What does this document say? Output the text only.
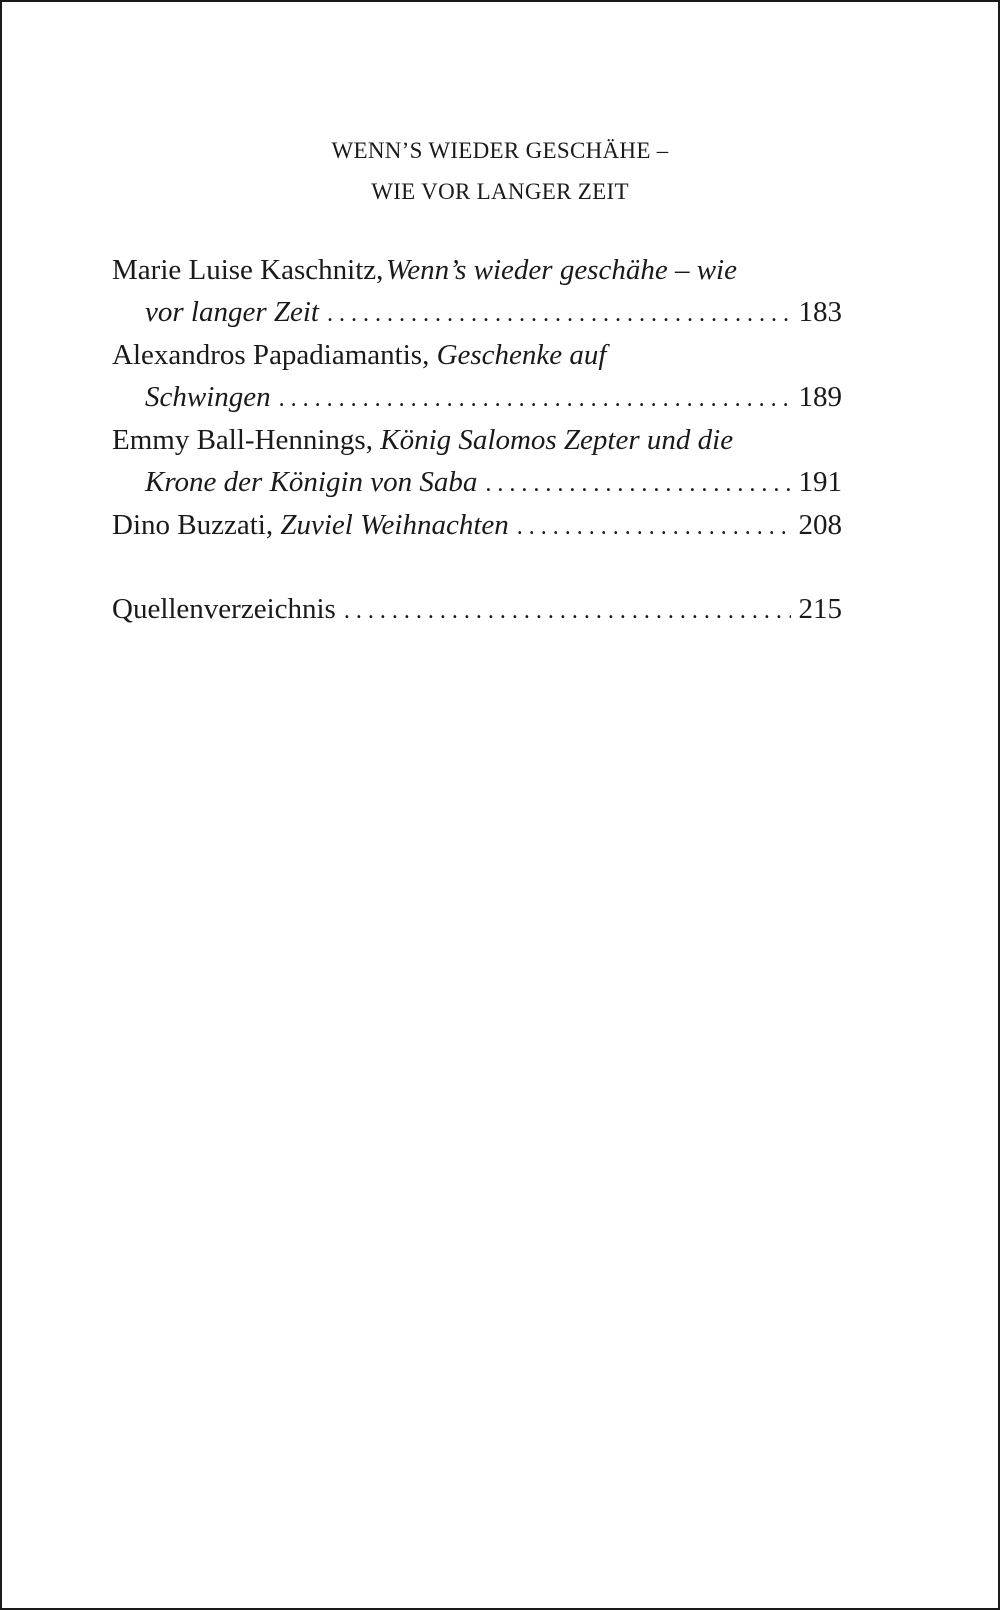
WENN’S WIEDER GESCHÄHE –
WIE VOR LANGER ZEIT
Marie Luise Kaschnitz,
  Wenn’s wieder geschähe – wie
vor langer Zeit . . .	183
Alexandros Papadiamantis,
Geschenke auf
Schwingen . . .	189
Emmy Ball-Hennings,
König Salomos Zepter und die
Krone der Königin von Saba . . .	191
Dino Buzzati,
Zuviel Weihnachten . . .	208
Quellenverzeichnis . . .	215
